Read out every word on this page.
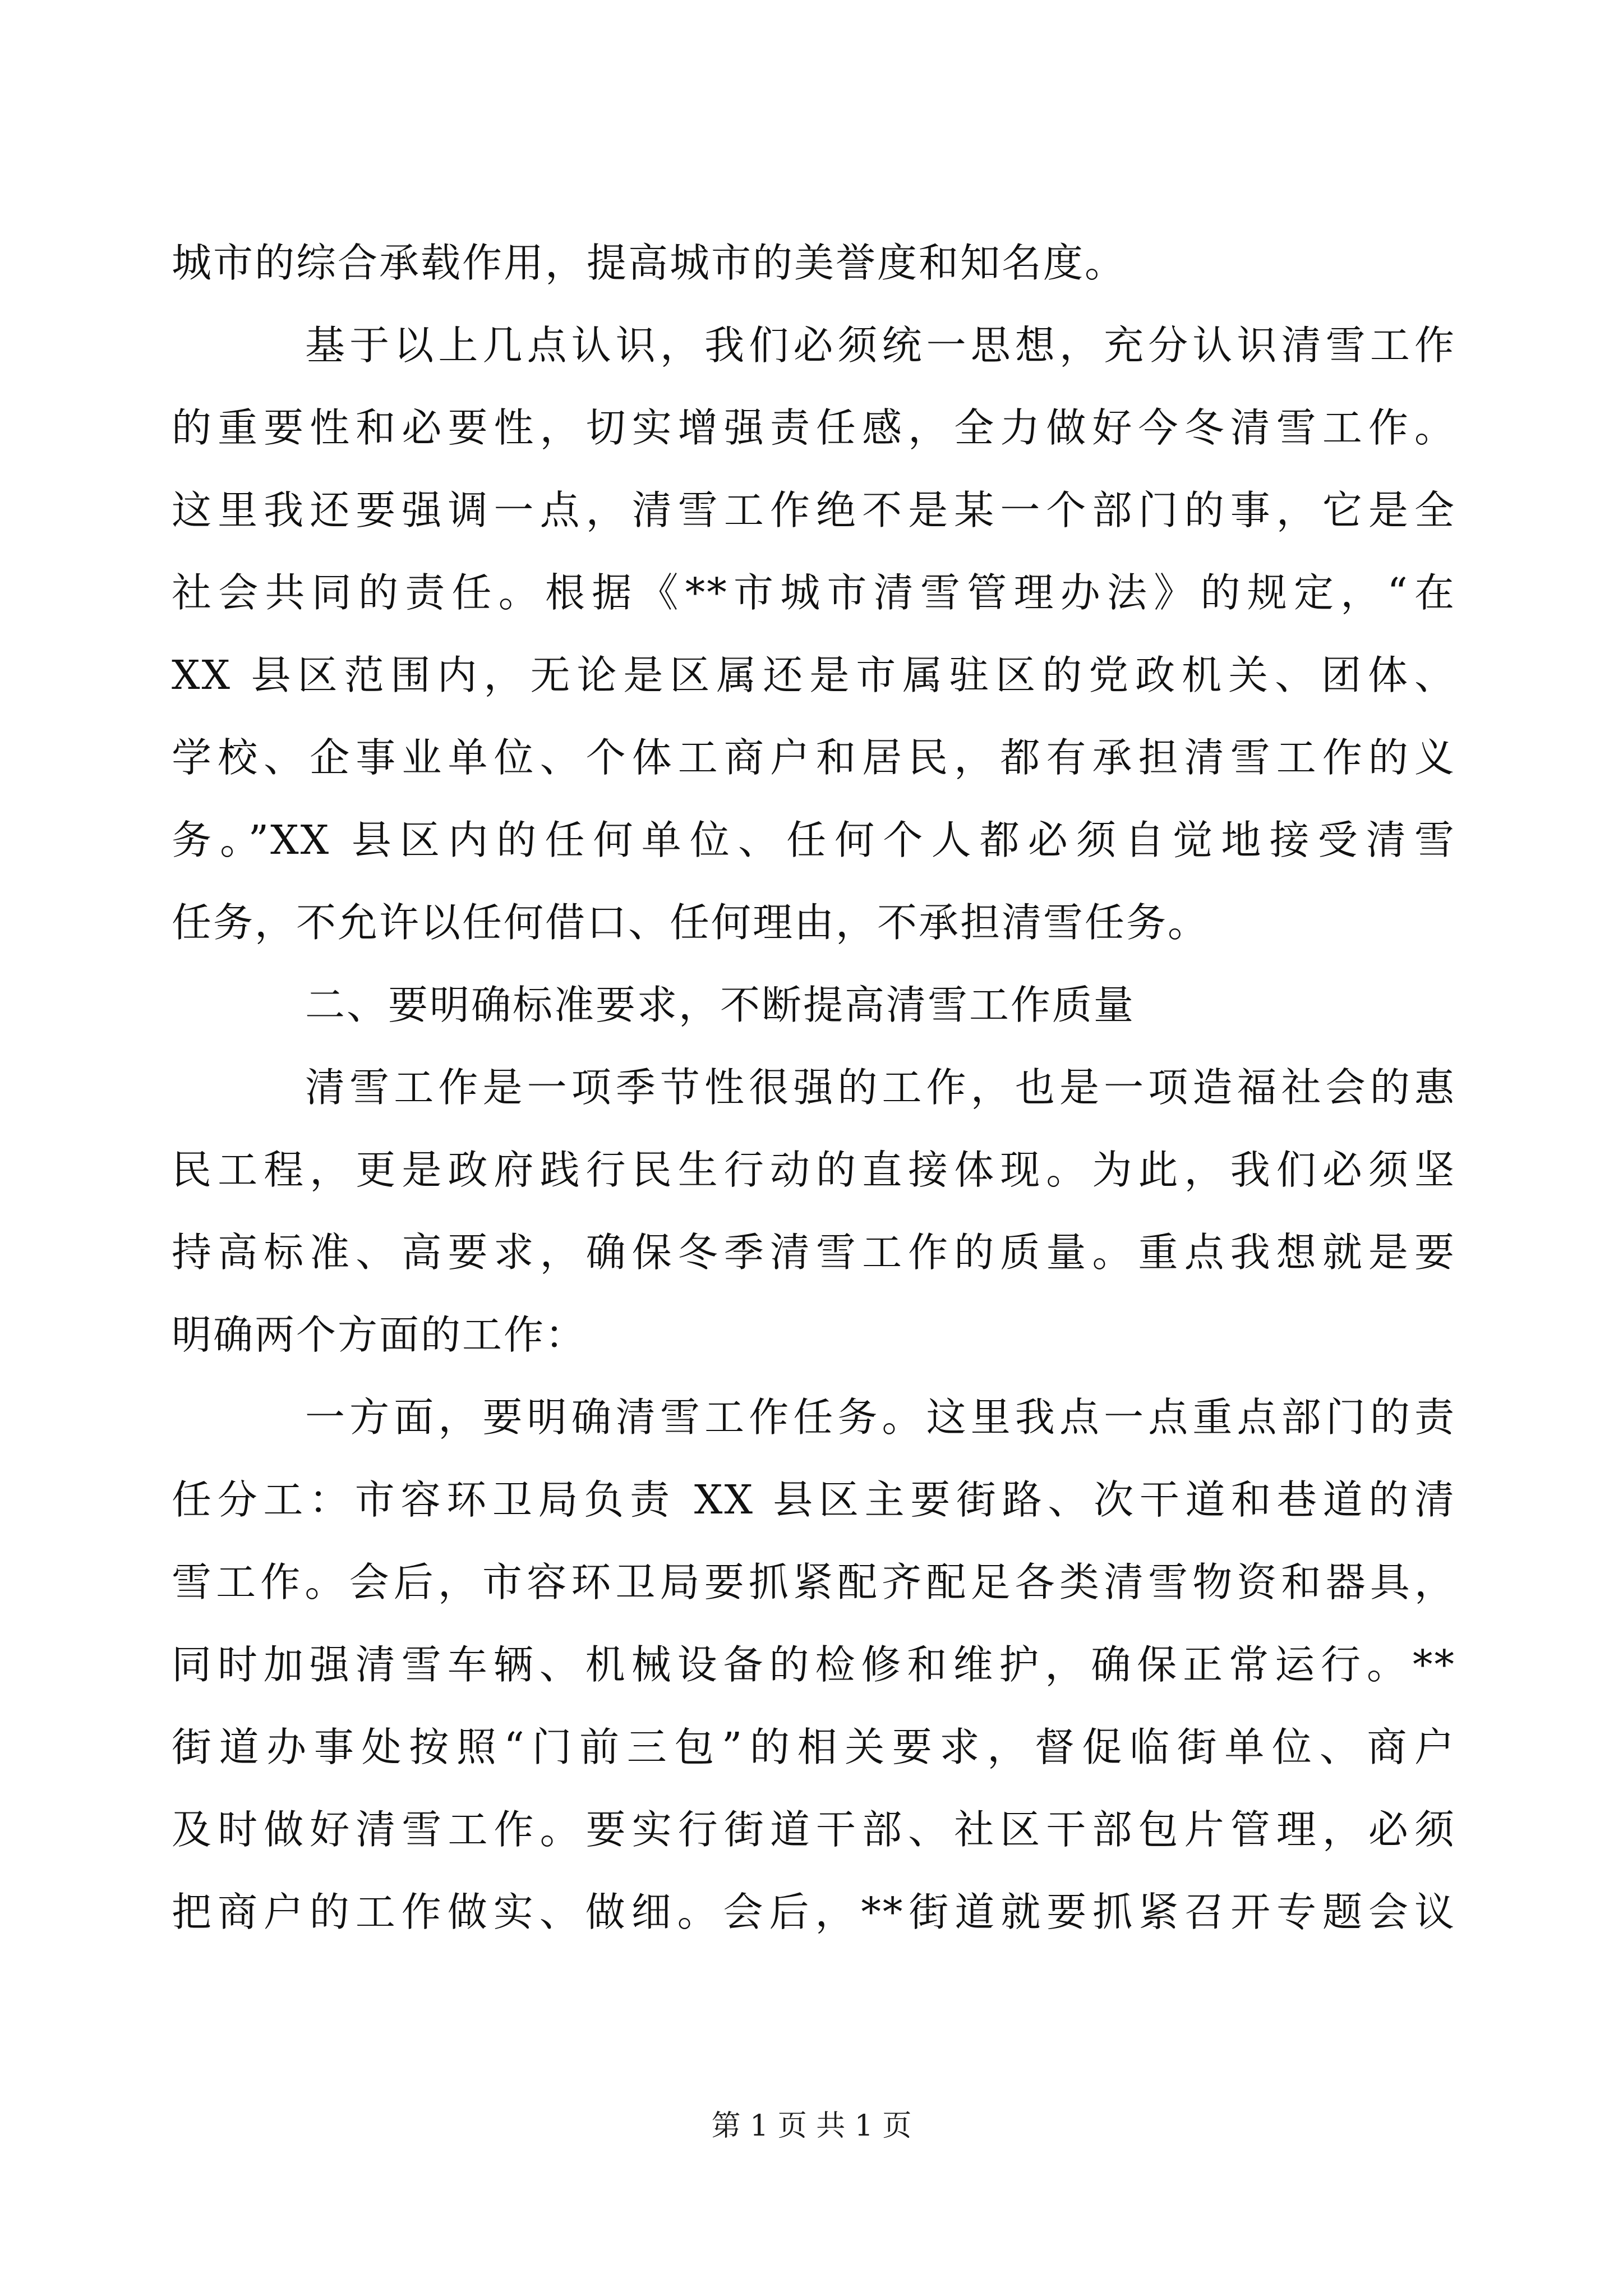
城市的综合承载作用，提高城市的美誉度和知名度。
基于以上几点认识，我们必须统一思想，充分认识清雪工作
的重要性和必要性，切实增强责任感，全力做好今冬清雪工作。
这里我还要强调一点，清雪工作绝不是某一个部门的事，它是全
社会共同的责任。根据《**市城市清雪管理办法》的规定，“在
XX 县区范围内，无论是区属还是市属驻区的党政机关、团体、
学校、企事业单位、个体工商户和居民，都有承担清雪工作的义
务。”XX 县区内的任何单位、任何个人都必须自觉地接受清雪
任务，不允许以任何借口、任何理由，不承担清雪任务。
二、要明确标准要求，不断提高清雪工作质量
清雪工作是一项季节性很强的工作，也是一项造福社会的惠
民工程，更是政府践行民生行动的直接体现。为此，我们必须坚
持高标准、高要求，确保冬季清雪工作的质量。重点我想就是要
明确两个方面的工作：
一方面，要明确清雪工作任务。这里我点一点重点部门的责
任分工：市容环卫局负责 XX 县区主要街路、次干道和巷道的清
雪工作。会后，市容环卫局要抓紧配齐配足各类清雪物资和器具，
同时加强清雪车辆、机械设备的检修和维护，确保正常运行。**
街道办事处按照“门前三包”的相关要求，督促临街单位、商户
及时做好清雪工作。要实行街道干部、社区干部包片管理，必须
把商户的工作做实、做细。会后，**街道就要抓紧召开专题会议
第 1 页 共 1 页
